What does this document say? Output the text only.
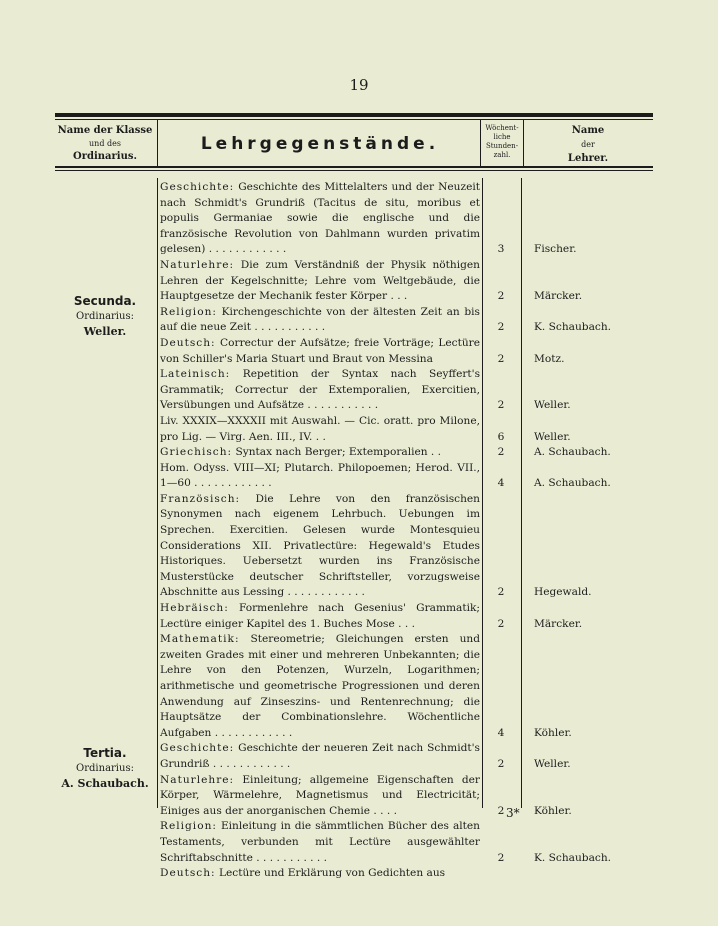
19
Name der Klasse
und des
Ordinarius.
Lehrgegenstände.
Wöchent-
liche
Stunden-
zahl.
Name
der
Lehrer.
Secunda.
Ordinarius:
Weller.
Tertia.
Ordinarius:
A. Schaubach.
Geschichte: Geschichte des Mittelalters und der Neuzeit nach Schmidt's Grundriß (Tacitus de situ, moribus et populis Germaniae sowie die englische und die französische Revolution von Dahlmann wurden privatim gelesen) . . . . . . . . . . . .	3	Fischer.
Naturlehre: Die zum Verständniß der Physik nöthigen Lehren der Kegelschnitte; Lehre vom Weltgebäude, die Hauptgesetze der Mechanik fester Körper . . .	2	Märcker.
Religion: Kirchengeschichte von der ältesten Zeit an bis auf die neue Zeit . . . . . . . . . . .	2	K. Schaubach.
Deutsch: Correctur der Aufsätze; freie Vorträge; Lectüre von Schiller's Maria Stuart und Braut von Messina	2	Motz.
Lateinisch: Repetition der Syntax nach Seyffert's Grammatik; Correctur der Extemporalien, Exercitien, Versübungen und Aufsätze . . . . . . . . . . .	2	Weller.
Liv. XXXIX—XXXXII mit Auswahl. — Cic. oratt. pro Milone, pro Lig. — Virg. Aen. III., IV. . .	6	Weller.
Griechisch: Syntax nach Berger; Extemporalien . .	2	A. Schaubach.
Hom. Odyss. VIII—XI; Plutarch. Philopoemen; Herod. VII., 1—60 . . . . . . . . . . . .	4	A. Schaubach.
Französisch: Die Lehre von den französischen Synonymen nach eigenem Lehrbuch. Uebungen im Sprechen. Exercitien. Gelesen wurde Montesquieu Considerations XII. Privatlectüre: Hegewald's Etudes Historiques. Uebersetzt wurden ins Französische Musterstücke deutscher Schriftsteller, vorzugsweise Abschnitte aus Lessing . . . . . . . . . . . .	2	Hegewald.
Hebräisch: Formenlehre nach Gesenius' Grammatik; Lectüre einiger Kapitel des 1. Buches Mose . . .	2	Märcker.
Mathematik: Stereometrie; Gleichungen ersten und zweiten Grades mit einer und mehreren Unbekannten; die Lehre von den Potenzen, Wurzeln, Logarithmen; arithmetische und geometrische Progressionen und deren Anwendung auf Zinseszins- und Rentenrechnung; die Hauptsätze der Combinationslehre. Wöchentliche Aufgaben . . . . . . . . . . . .	4	Köhler.
Geschichte: Geschichte der neueren Zeit nach Schmidt's Grundriß . . . . . . . . . . . .	2	Weller.
Naturlehre: Einleitung; allgemeine Eigenschaften der Körper, Wärmelehre, Magnetismus und Electricität; Einiges aus der anorganischen Chemie . . . .	2	Köhler.
Religion: Einleitung in die sämmtlichen Bücher des alten Testaments, verbunden mit Lectüre ausgewählter Schriftabschnitte . . . . . . . . . . .	2	K. Schaubach.
Deutsch: Lectüre und Erklärung von Gedichten aus
3*
